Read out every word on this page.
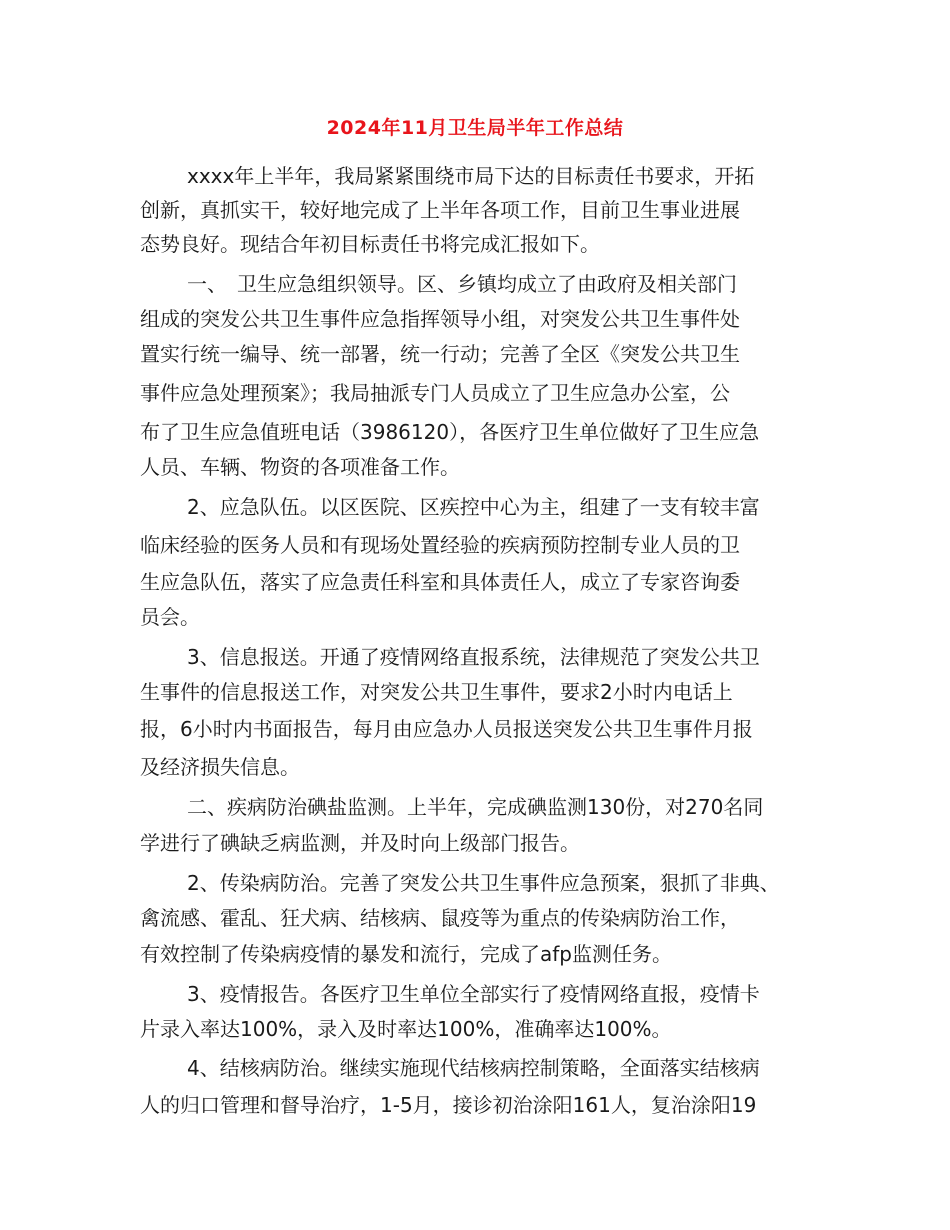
2024年11月卫生局半年工作总结
xxxx年上半年，我局紧紧围绕市局下达的目标责任书要求，开拓
创新，真抓实干，较好地完成了上半年各项工作，目前卫生事业进展
态势良好。现结合年初目标责任书将完成汇报如下。
一、　卫生应急组织领导。区、乡镇均成立了由政府及相关部门
组成的突发公共卫生事件应急指挥领导小组，对突发公共卫生事件处
置实行统一编导、统一部署，统一行动；完善了全区《突发公共卫生
事件应急处理预案》；我局抽派专门人员成立了卫生应急办公室，公
布了卫生应急值班电话（3986120），各医疗卫生单位做好了卫生应急
人员、车辆、物资的各项准备工作。
2、应急队伍。以区医院、区疾控中心为主，组建了一支有较丰富
临床经验的医务人员和有现场处置经验的疾病预防控制专业人员的卫
生应急队伍，落实了应急责任科室和具体责任人，成立了专家咨询委
员会。
3、信息报送。开通了疫情网络直报系统，法律规范了突发公共卫
生事件的信息报送工作，对突发公共卫生事件，要求2小时内电话上
报，6小时内书面报告，每月由应急办人员报送突发公共卫生事件月报
及经济损失信息。
二、疾病防治碘盐监测。上半年，完成碘监测130份，对270名同
学进行了碘缺乏病监测，并及时向上级部门报告。
2、传染病防治。完善了突发公共卫生事件应急预案，狠抓了非典、
禽流感、霍乱、狂犬病、结核病、鼠疫等为重点的传染病防治工作，
有效控制了传染病疫情的暴发和流行，完成了afp监测任务。
3、疫情报告。各医疗卫生单位全部实行了疫情网络直报，疫情卡
片录入率达100%，录入及时率达100%，准确率达100%。
4、结核病防治。继续实施现代结核病控制策略，全面落实结核病
人的归口管理和督导治疗，1-5月，接诊初治涂阳161人，复治涂阳19
